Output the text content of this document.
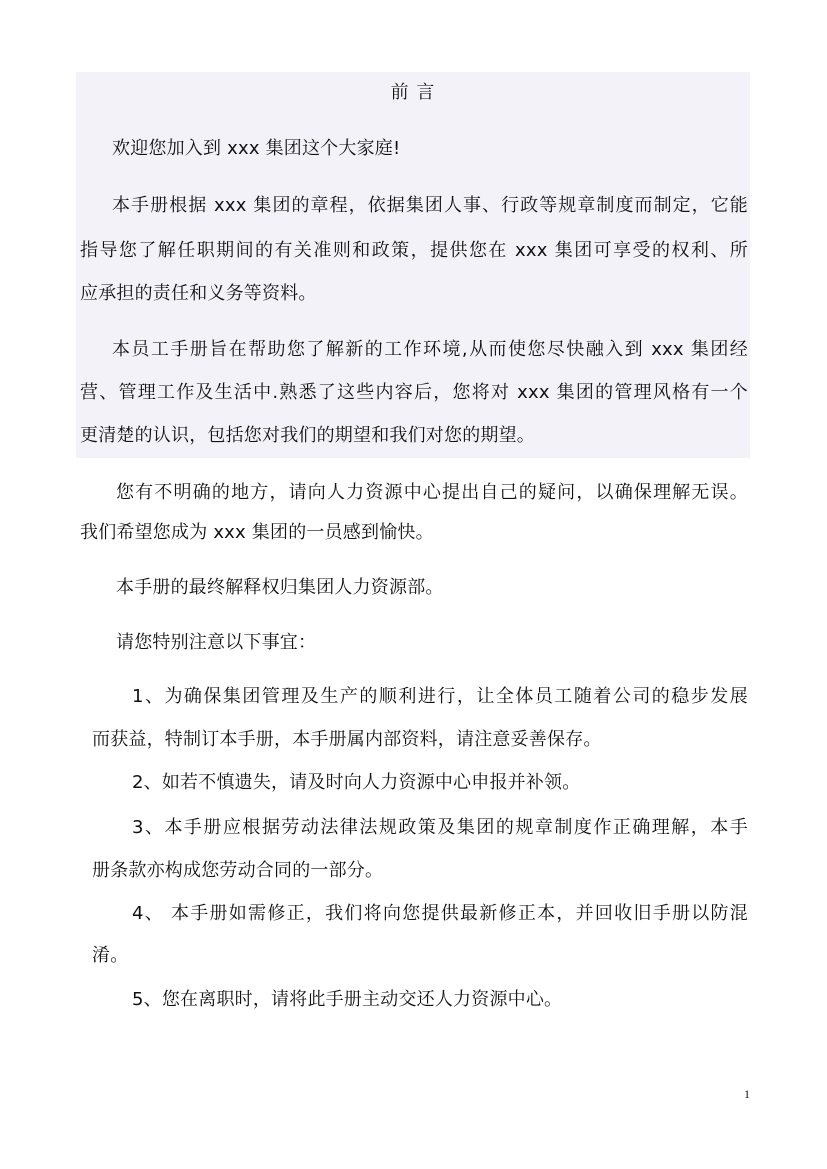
前 言
欢迎您加入到 xxx 集团这个大家庭!
本手册根据 xxx 集团的章程，依据集团人事、行政等规章制度而制定，它能
指导您了解任职期间的有关准则和政策，提供您在 xxx 集团可享受的权利、所
应承担的责任和义务等资料。
本员工手册旨在帮助您了解新的工作环境,从而使您尽快融入到 xxx 集团经
营、管理工作及生活中.熟悉了这些内容后，您将对 xxx 集团的管理风格有一个
更清楚的认识，包括您对我们的期望和我们对您的期望。
您有不明确的地方，请向人力资源中心提出自己的疑问，以确保理解无误。
我们希望您成为 xxx 集团的一员感到愉快。
本手册的最终解释权归集团人力资源部。
请您特别注意以下事宜：
1、为确保集团管理及生产的顺利进行，让全体员工随着公司的稳步发展
而获益，特制订本手册，本手册属内部资料，请注意妥善保存。
2、如若不慎遗失，请及时向人力资源中心申报并补领。
3、本手册应根据劳动法律法规政策及集团的规章制度作正确理解，本手
册条款亦构成您劳动合同的一部分。
4、 本手册如需修正，我们将向您提供最新修正本，并回收旧手册以防混
淆。
5、您在离职时，请将此手册主动交还人力资源中心。
1
